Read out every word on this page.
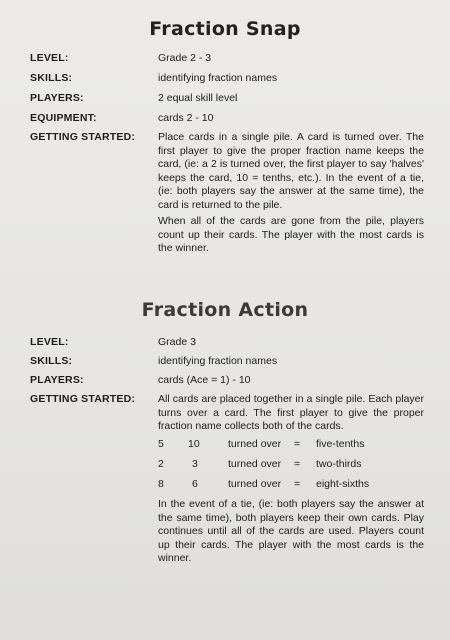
Fraction Snap
LEVEL:	Grade 2 - 3
SKILLS:	identifying fraction names
PLAYERS:	2 equal skill level
EQUIPMENT:	cards 2 - 10
GETTING STARTED: Place cards in a single pile. A card is turned over. The first player to give the proper fraction name keeps the card, (ie: a 2 is turned over, the first player to say 'halves' keeps the card, 10 = tenths, etc.). In the event of a tie, (ie: both players say the answer at the same time), the card is returned to the pile.
When all of the cards are gone from the pile, players count up their cards. The player with the most cards is the winner.
Fraction Action
LEVEL:	Grade 3
SKILLS:	identifying fraction names
PLAYERS:	cards (Ace = 1) - 10
GETTING STARTED: All cards are placed together in a single pile. Each player turns over a card. The first player to give the proper fraction name collects both of the cards.
5 10	turned over = five-tenths
2	3	turned over = two-thirds
8	6	turned over = eight-sixths
In the event of a tie, (ie: both players say the answer at the same time), both players keep their own cards. Play continues until all of the cards are used. Players count up their cards. The player with the most cards is the winner.
